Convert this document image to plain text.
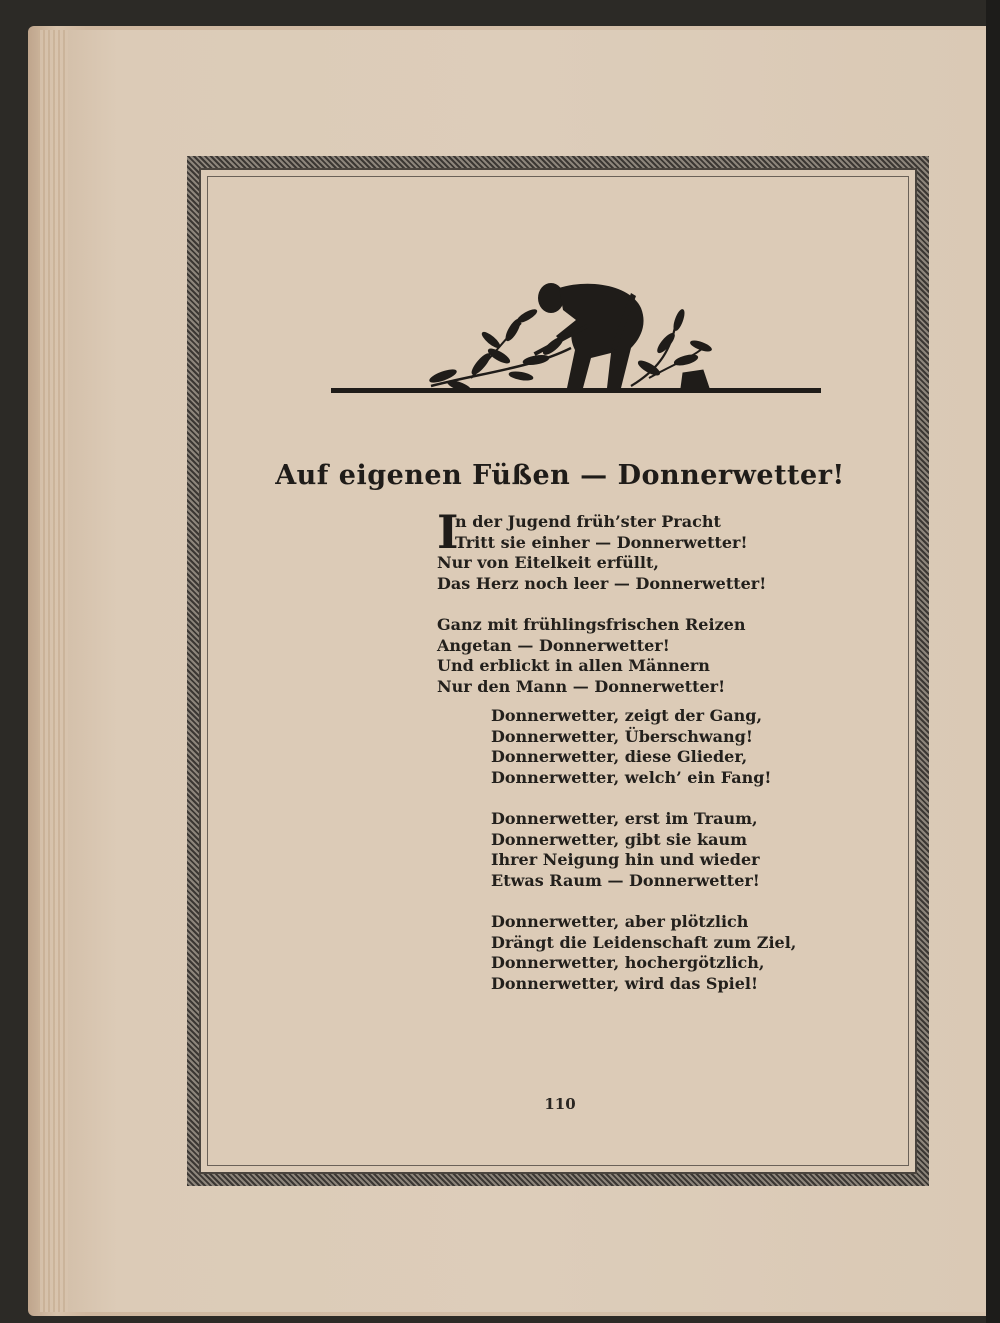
Auf eigenen Füßen — Donnerwetter!
I
n der Jugend früh’ster Pracht
Tritt sie einher — Donnerwetter!
Nur von Eitelkeit erfüllt,
Das Herz noch leer — Donnerwetter!
Ganz mit frühlingsfrischen Reizen
Angetan — Donnerwetter!
Und erblickt in allen Männern
Nur den Mann — Donnerwetter!
Donnerwetter, zeigt der Gang,
Donnerwetter, Überschwang!
Donnerwetter, diese Glieder,
Donnerwetter, welch’ ein Fang!
Donnerwetter, erst im Traum,
Donnerwetter, gibt sie kaum
Ihrer Neigung hin und wieder
Etwas Raum — Donnerwetter!
Donnerwetter, aber plötzlich
Drängt die Leidenschaft zum Ziel,
Donnerwetter, hochergötzlich,
Donnerwetter, wird das Spiel!
110
